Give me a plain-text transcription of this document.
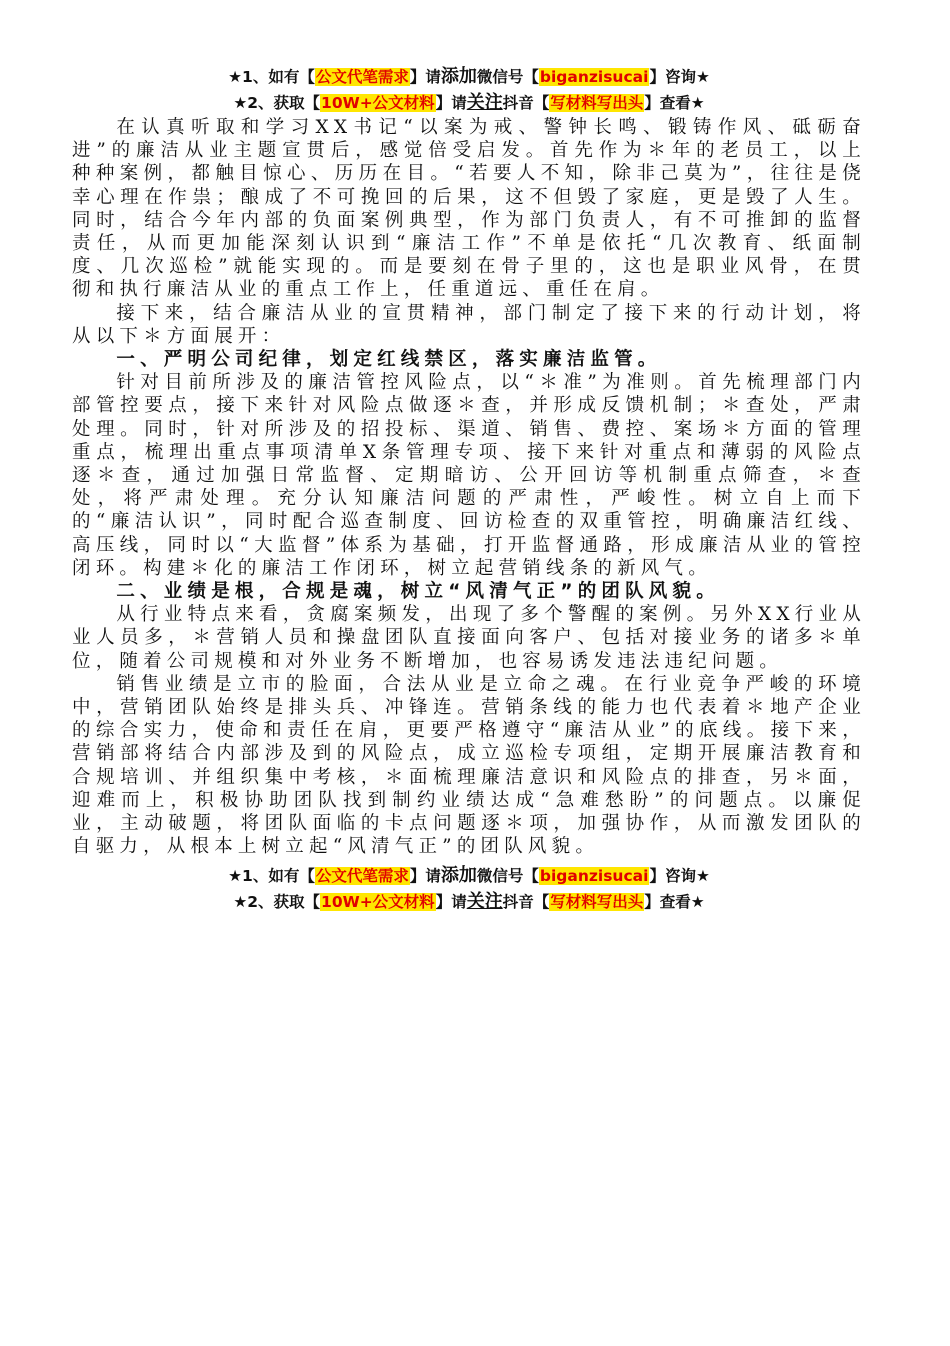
★1、如有【公文代笔需求】请添加微信号【biganzisucai】咨询★
★2、获取【10W+公文材料】请关注抖音【写材料写出头】查看★

在认真听取和学习XX书记“以案为戒、警钟长鸣、锻铸作风、砥砺奋进”的廉洁从业主题宣贯后，感觉倍受启发。首先作为＊年的老员工，以上种种案例，都触目惊心、历历在目。“若要人不知，除非己莫为”，往往是侥幸心理在作祟；酿成了不可挽回的后果，这不但毁了家庭，更是毁了人生。同时，结合今年内部的负面案例典型，作为部门负责人，有不可推卸的监督责任，从而更加能深刻认识到“廉洁工作”不单是依托“几次教育、纸面制度、几次巡检”就能实现的。而是要刻在骨子里的，这也是职业风骨，在贯彻和执行廉洁从业的重点工作上，任重道远、重任在肩。

接下来，结合廉洁从业的宣贯精神，部门制定了接下来的行动计划，将从以下＊方面展开：

一、严明公司纪律，划定红线禁区，落实廉洁监管。

针对目前所涉及的廉洁管控风险点，以“＊准”为准则。首先梳理部门内部管控要点，接下来针对风险点做逐＊查，并形成反馈机制；＊查处，严肃处理。同时，针对所涉及的招投标、渠道、销售、费控、案场＊方面的管理重点，梳理出重点事项清单X条管理专项、接下来针对重点和薄弱的风险点逐＊查，通过加强日常监督、定期暗访、公开回访等机制重点筛查，＊查处，将严肃处理。充分认知廉洁问题的严肃性，严峻性。树立自上而下的“廉洁认识”，同时配合巡查制度、回访检查的双重管控，明确廉洁红线、高压线，同时以“大监督”体系为基础，打开监督通路，形成廉洁从业的管控闭环。构建＊化的廉洁工作闭环，树立起营销线条的新风气。

二、业绩是根，合规是魂，树立“风清气正”的团队风貌。

从行业特点来看，贪腐案频发，出现了多个警醒的案例。另外XX行业从业人员多，＊营销人员和操盘团队直接面向客户、包括对接业务的诸多＊单位，随着公司规模和对外业务不断增加，也容易诱发违法违纪问题。

销售业绩是立市的脸面，合法从业是立命之魂。在行业竞争严峻的环境中，营销团队始终是排头兵、冲锋连。营销条线的能力也代表着＊地产企业的综合实力，使命和责任在肩，更要严格遵守“廉洁从业”的底线。接下来，营销部将结合内部涉及到的风险点，成立巡检专项组，定期开展廉洁教育和合规培训、并组织集中考核，＊面梳理廉洁意识和风险点的排查，另＊面，迎难而上，积极协助团队找到制约业绩达成“急难愁盼”的问题点。以廉促业，主动破题，将团队面临的卡点问题逐＊项，加强协作，从而激发团队的自驱力，从根本上树立起“风清气正”的团队风貌。

★1、如有【公文代笔需求】请添加微信号【biganzisucai】咨询★
★2、获取【10W+公文材料】请关注抖音【写材料写出头】查看★
